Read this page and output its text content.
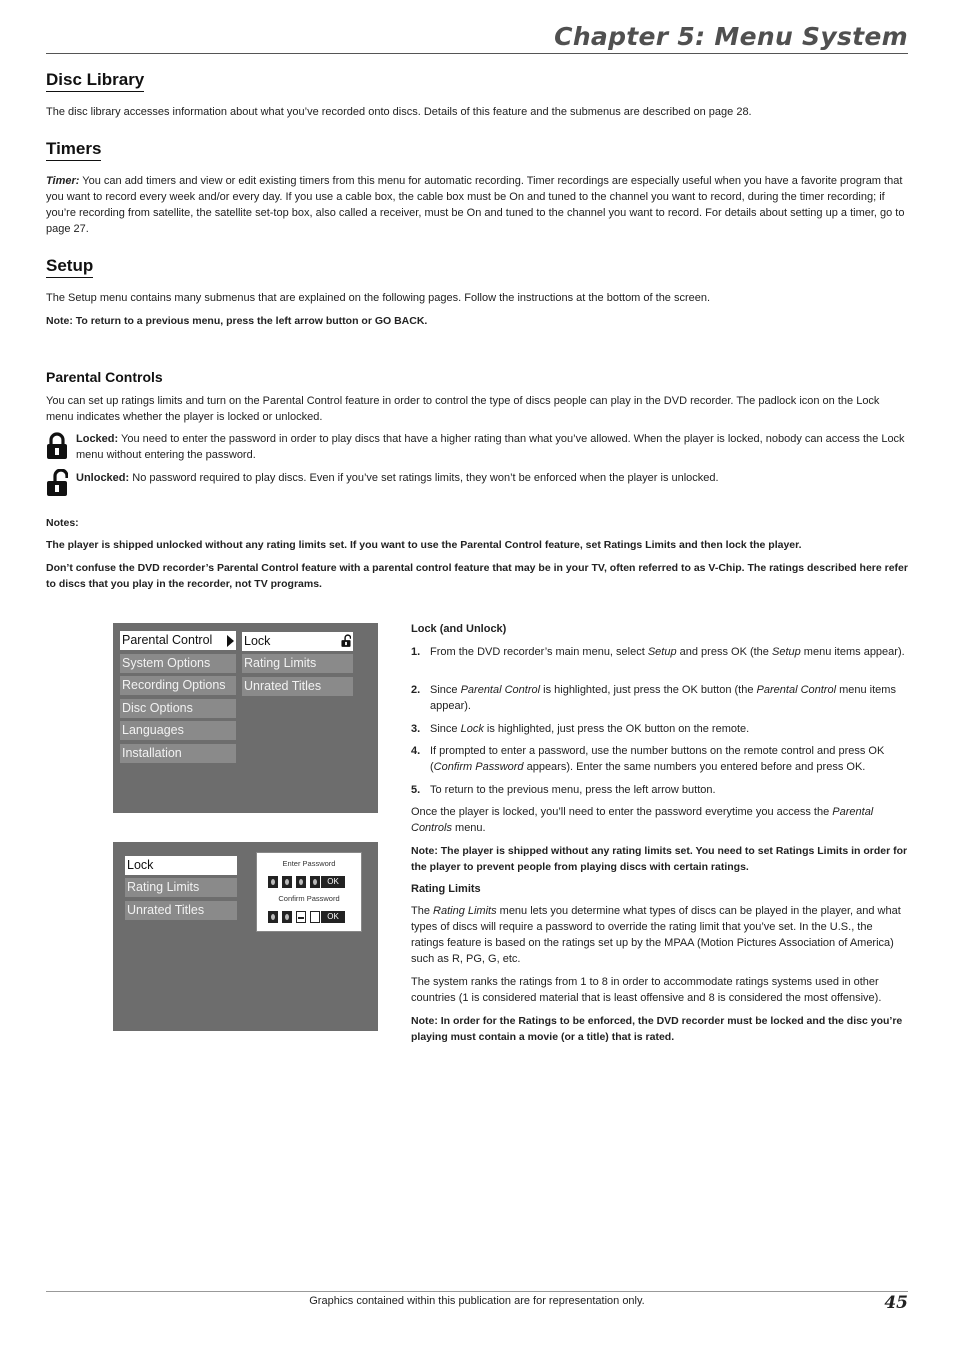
Chapter 5: Menu System
Disc Library
The disc library accesses information about what you’ve recorded onto discs. Details of this feature and the submenus are described on page 28.
Timers
Timer: You can add timers and view or edit existing timers from this menu for automatic recording. Timer recordings are especially useful when you have a favorite program that you want to record every week and/or every day. If you use a cable box, the cable box must be On and tuned to the channel you want to record, during the timer recording; if you’re recording from satellite, the satellite set-top box, also called a receiver, must be On and tuned to the channel you want to record. For details about setting up a timer, go to page 27.
Setup
The Setup menu contains many submenus that are explained on the following pages. Follow the instructions at the bottom of the screen.
Note: To return to a previous menu, press the left arrow button or GO BACK.
Parental Controls
You can set up ratings limits and turn on the Parental Control feature in order to control the type of discs people can play in the DVD recorder. The padlock icon on the Lock menu indicates whether the player is locked or unlocked.
Locked: You need to enter the password in order to play discs that have a higher rating than what you’ve allowed. When the player is locked, nobody can access the Lock menu without entering the password.
Unlocked: No password required to play discs. Even if you’ve set ratings limits, they won’t be enforced when the player is unlocked.
Notes:
The player is shipped unlocked without any rating limits set. If you want to use the Parental Control feature, set Ratings Limits and then lock the player.
Don’t confuse the DVD recorder’s Parental Control feature with a parental control feature that may be in your TV, often referred to as V-Chip. The ratings described here refer to discs that you play in the recorder, not TV programs.
Parental Control
System Options
Recording Options
Disc Options
Languages
Installation
Lock
Rating Limits
Unrated Titles
Lock
Rating Limits
Unrated Titles
Enter Password
OK
Confirm Password
OK
Lock (and Unlock)
1. From the DVD recorder’s main menu, select Setup and press OK (the Setup menu items appear).
2. Since Parental Control is highlighted, just press the OK button (the Parental Control menu items appear).
3. Since Lock is highlighted, just press the OK button on the remote.
4. If prompted to enter a password, use the number buttons on the remote control and press OK (Confirm Password appears). Enter the same numbers you entered before and press OK.
5. To return to the previous menu, press the left arrow button.
Once the player is locked, you’ll need to enter the password everytime you access the Parental Controls menu.
Note: The player is shipped without any rating limits set. You need to set Ratings Limits in order for the player to prevent people from playing discs with certain ratings.
Rating Limits
The Rating Limits menu lets you determine what types of discs can be played in the player, and what types of discs will require a password to override the rating limit that you’ve set. In the U.S., the ratings feature is based on the ratings set up by the MPAA (Motion Pictures Association of America) such as R, PG, G, etc.
The system ranks the ratings from 1 to 8 in order to accommodate ratings systems used in other countries (1 is considered material that is least offensive and 8 is considered the most offensive).
Note: In order for the Ratings to be enforced, the DVD recorder must be locked and the disc you’re playing must contain a movie (or a title) that is rated.
Graphics contained within this publication are for representation only.	45
